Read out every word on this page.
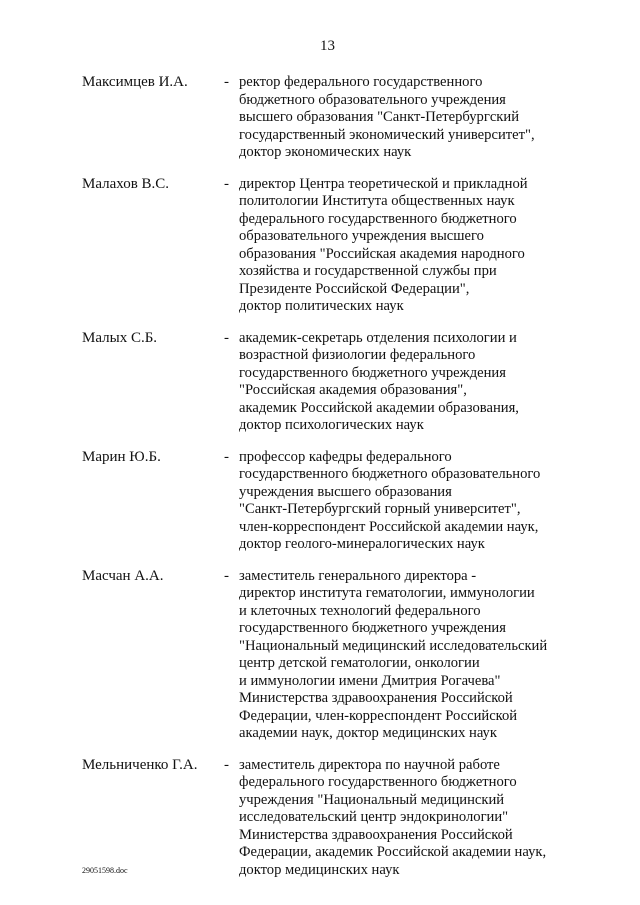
13
Максимцев И.А. - ректор федерального государственного
бюджетного образовательного учреждения
высшего образования "Санкт-Петербургский
государственный экономический университет",
доктор экономических наук
Малахов В.С.	- директор Центра теоретической и прикладной
политологии Института общественных наук
федерального государственного бюджетного
образовательного учреждения высшего
образования "Российская академия народного
хозяйства и государственной службы при
Президенте Российской Федерации",
доктор политических наук
Малых С.Б.	- академик-секретарь отделения психологии и
возрастной физиологии федерального
государственного бюджетного учреждения
"Российская академия образования",
академик Российской академии образования,
доктор психологических наук
Марин Ю.Б.	- профессор кафедры федерального
государственного бюджетного образовательного
учреждения высшего образования
"Санкт-Петербургский горный университет",
член-корреспондент Российской академии наук,
доктор геолого-минералогических наук
Масчан А.А.	- заместитель генерального директора -
директор института гематологии, иммунологии
и клеточных технологий федерального
государственного бюджетного учреждения
"Национальный медицинский исследовательский
центр детской гематологии, онкологии
и иммунологии имени Дмитрия Рогачева"
Министерства здравоохранения Российской
Федерации, член-корреспондент Российской
академии наук, доктор медицинских наук
Мельниченко Г.А. - заместитель директора по научной работе
федерального государственного бюджетного
учреждения "Национальный медицинский
исследовательский центр эндокринологии"
Министерства здравоохранения Российской
Федерации, академик Российской академии наук,
доктор медицинских наук
29051598.doc
